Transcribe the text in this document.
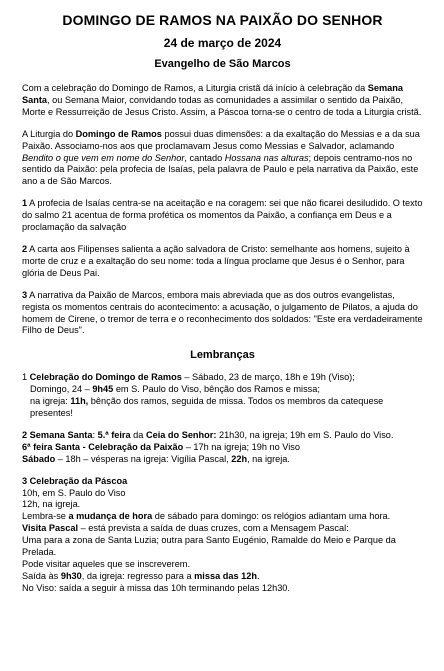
DOMINGO DE RAMOS NA PAIXÃO DO SENHOR
24 de março de 2024
Evangelho de São Marcos

Com a celebração do Domingo de Ramos, a Liturgia cristã dá início à celebração da Semana Santa, ou Semana Maior, convidando todas as comunidades a assimilar o sentido da Paixão, Morte e Ressurreição de Jesus Cristo. Assim, a Páscoa torna-se o centro de toda a Liturgia cristã.

A Liturgia do Domingo de Ramos possui duas dimensões: a da exaltação do Messias e a da sua Paixão. Associamo-nos aos que proclamavam Jesus como Messias e Salvador, aclamando Bendito o que vem em nome do Senhor, cantado Hossana nas alturas; depois centramo-nos no sentido da Paixão: pela profecia de Isaías, pela palavra de Paulo e pela narrativa da Paixão, este ano a de São Marcos.

1 A profecia de Isaías centra-se na aceitação e na coragem: sei que não ficarei desiludido. O texto do salmo 21 acentua de forma profética os momentos da Paixão, a confiança em Deus e a proclamação da salvação

2 A carta aos Filipenses salienta a ação salvadora de Cristo: semelhante aos homens, sujeito à morte de cruz e a exaltação do seu nome: toda a língua proclame que Jesus é o Senhor, para glória de Deus Pai.

3 A narrativa da Paixão de Marcos, embora mais abreviada que as dos outros evangelistas, regista os momentos centrais do acontecimento: a acusação, o julgamento de Pilatos, a ajuda do homem de Cirene, o tremor de terra e o reconhecimento dos soldados: "Este era verdadeiramente Filho de Deus".

Lembranças

1 Celebração do Domingo de Ramos – Sábado, 23 de março, 18h e 19h (Viso);

Domingo, 24 – 9h45 em S. Paulo do Viso, bênção dos Ramos e missa;

na igreja: 11h, bênção dos ramos, seguida de missa. Todos os membros da catequese presentes!

2 Semana Santa: 5.ª feira da Ceia do Senhor: 21h30, na igreja; 19h em S. Paulo do Viso.

6ª feira Santa - Celebração da Paixão – 17h na igreja; 19h no Viso

Sábado – 18h – vésperas na igreja: Vigília Pascal, 22h, na igreja.

3 Celebração da Páscoa

10h, em S. Paulo do Viso

12h, na igreja.

Lembra-se a mudança de hora de sábado para domingo: os relógios adiantam uma hora.

Visita Pascal – está prevista a saída de duas cruzes, com a Mensagem Pascal:

Uma para a zona de Santa Luzia; outra para Santo Eugénio, Ramalde do Meio e Parque da Prelada.

Pode visitar aqueles que se inscreverem.

Saída às 9h30, da igreja: regresso para a missa das 12h.

No Viso: saída a seguir à missa das 10h terminando pelas 12h30.
